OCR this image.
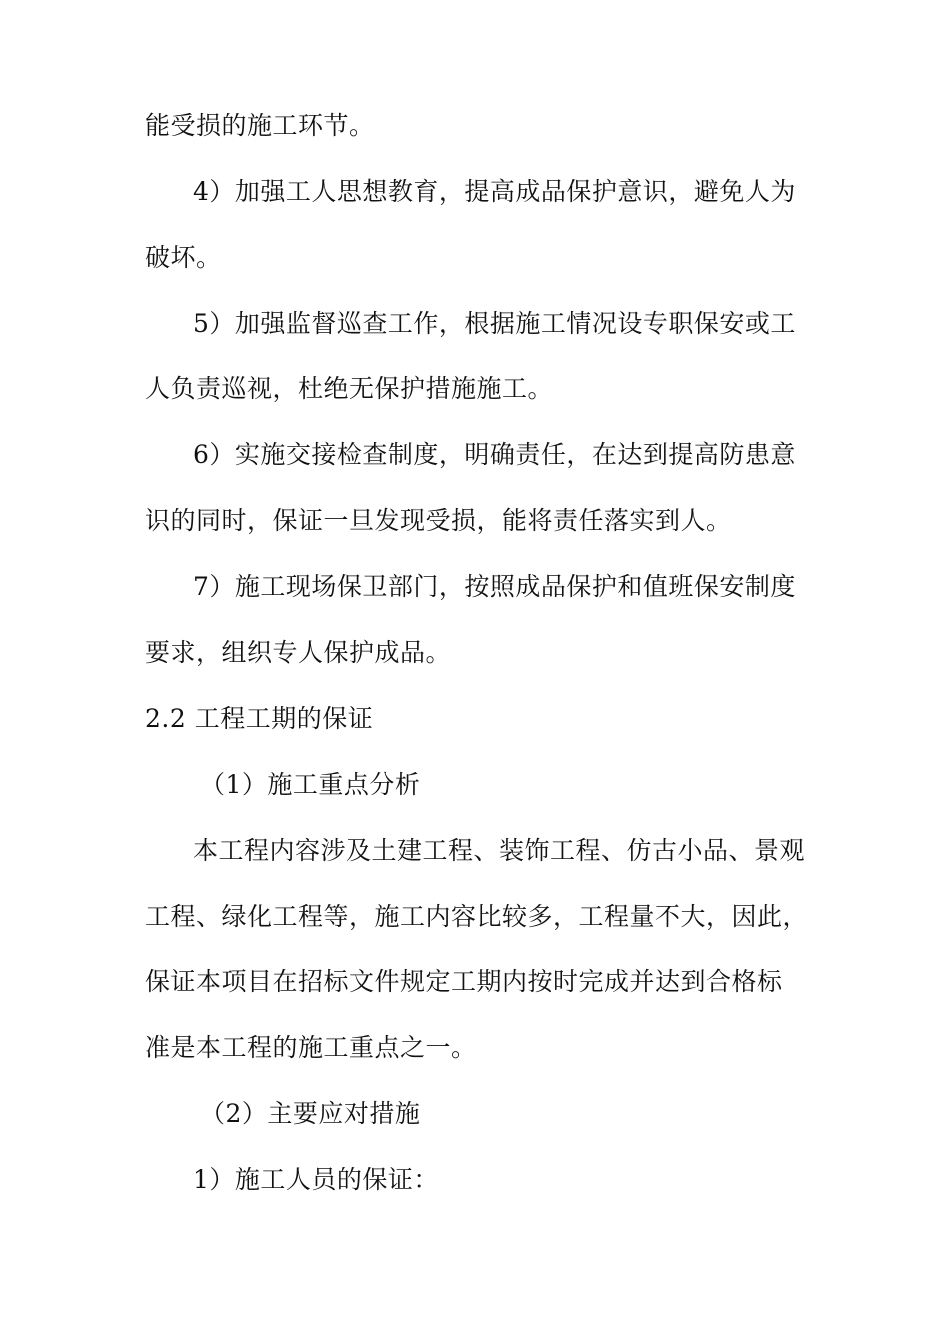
能受损的施工环节。
4）加强工人思想教育，提高成品保护意识，避免人为
破坏。
5）加强监督巡查工作，根据施工情况设专职保安或工
人负责巡视，杜绝无保护措施施工。
6）实施交接检查制度，明确责任，在达到提高防患意
识的同时，保证一旦发现受损，能将责任落实到人。
7）施工现场保卫部门，按照成品保护和值班保安制度
要求，组织专人保护成品。
2.2 工程工期的保证
（1）施工重点分析
本工程内容涉及土建工程、装饰工程、仿古小品、景观
工程、绿化工程等，施工内容比较多，工程量不大，因此，
保证本项目在招标文件规定工期内按时完成并达到合格标
准是本工程的施工重点之一。
（2）主要应对措施
1）施工人员的保证：
